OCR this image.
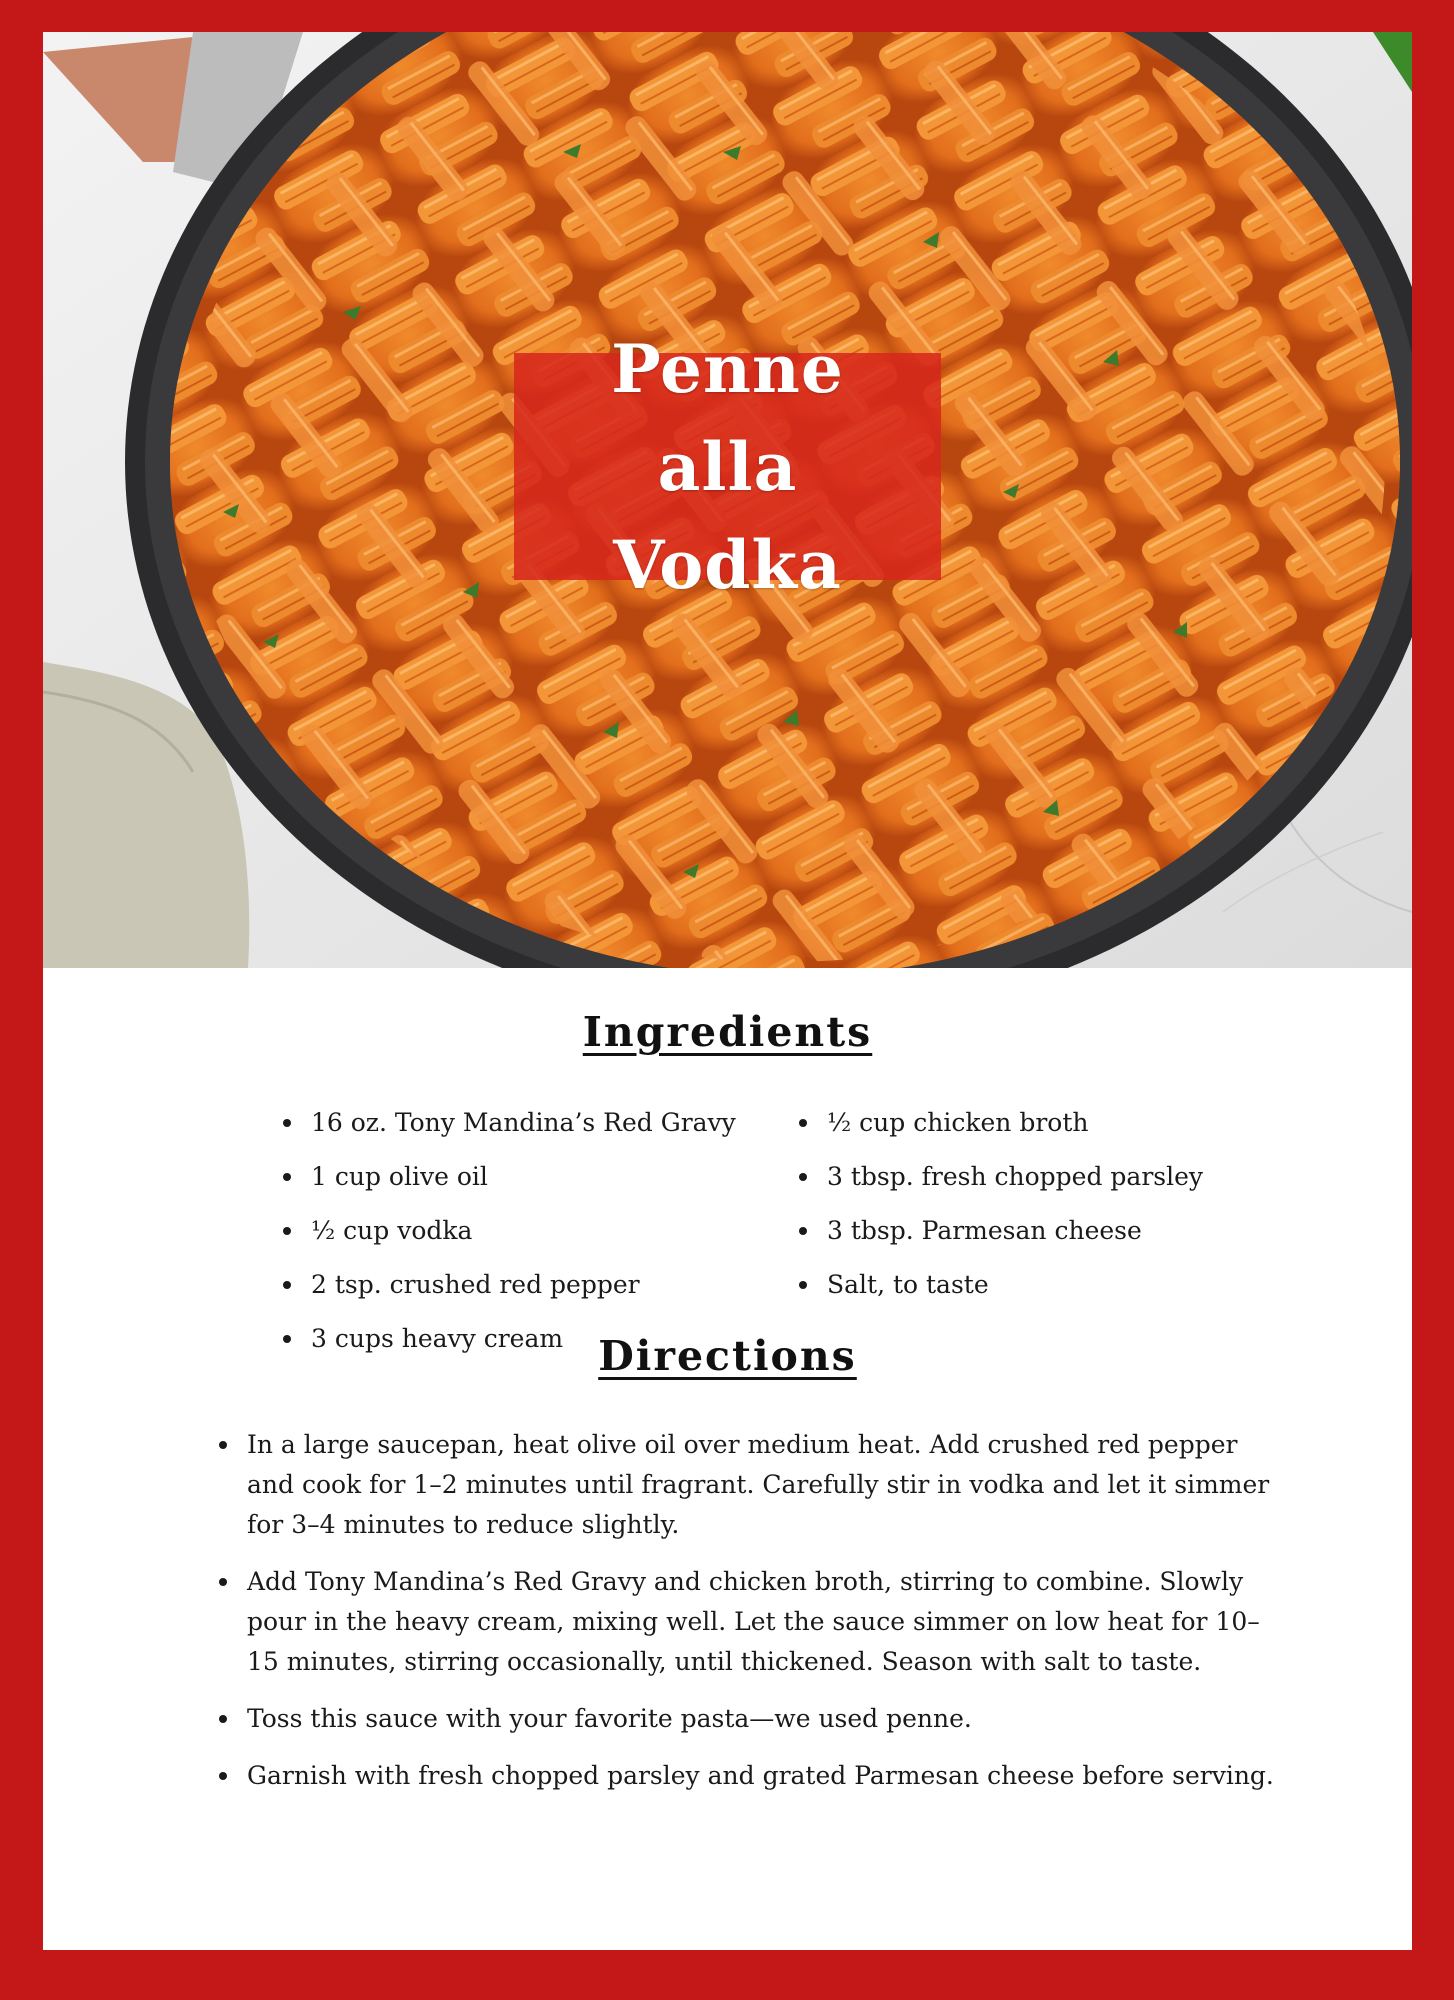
Penne alla Vodka
Ingredients
16 oz. Tony Mandina’s Red Gravy
1 cup olive oil
½ cup vodka
2 tsp. crushed red pepper
3 cups heavy cream
½ cup chicken broth
3 tbsp. fresh chopped parsley
3 tbsp. Parmesan cheese
Salt, to taste
Directions
In a large saucepan, heat olive oil over medium heat. Add crushed red pepper and cook for 1–2 minutes until fragrant. Carefully stir in vodka and let it simmer for 3–4 minutes to reduce slightly.
Add Tony Mandina’s Red Gravy and chicken broth, stirring to combine. Slowly pour in the heavy cream, mixing well. Let the sauce simmer on low heat for 10–15 minutes, stirring occasionally, until thickened. Season with salt to taste.
Toss this sauce with your favorite pasta—we used penne.
Garnish with fresh chopped parsley and grated Parmesan cheese before serving.
